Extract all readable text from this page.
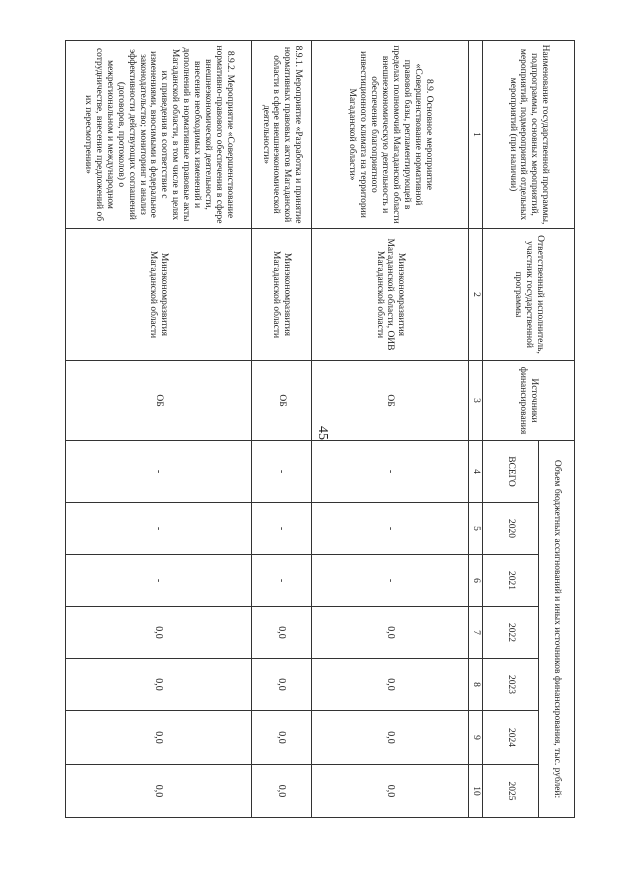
45
Наименование государственной программы, подпрограммы, основных мероприятий, мероприятий, подмероприятий отдельных мероприятий (при наличии)
Ответственный исполнитель, участник государственной программы
Источники финансирования
Объем бюджетных ассигнований и иных источников финансирования, тыс. рублей:
ВСЕГО
2020
2021
2022
2023
2024
2025
1
2
3
4
5
6
7
8
9
10
8.9. Основное мероприятие «Совершенствование нормативной правовой базы, регламентирующей в пределах полномочий Магаданской области внешнеэкономическую деятельность и обеспечение благоприятного инвестиционного климата на территории Магаданской области»
Минэкономразвития Магаданской области, ОИВ Магаданской области
ОБ
-
-
-
0,0
0,0
0,0
0,0
8.9.1. Мероприятие «Разработка и принятие нормативных правовых актов Магаданской области в сфере внешнеэкономической деятельности»
Минэкономразвития Магаданской области
ОБ
-
-
-
0,0
0,0
0,0
0,0
8.9.2. Мероприятие «Совершенствование нормативно-правового обеспечения в сфере внешнеэкономической деятельности, внесение необходимых изменений и дополнений в нормативные правовые акты Магаданской области, в том числе в целях их приведения в соответствие с изменениями, вносимыми в федеральное законодательство; мониторинг и анализ эффективности действующих соглашений (договоров, протоколов) о межрегиональном и международном сотрудничестве, внесение предложений об их пересмотрении»
Минэкономразвития Магаданской области
ОБ
-
-
-
0,0
0,0
0,0
0,0
